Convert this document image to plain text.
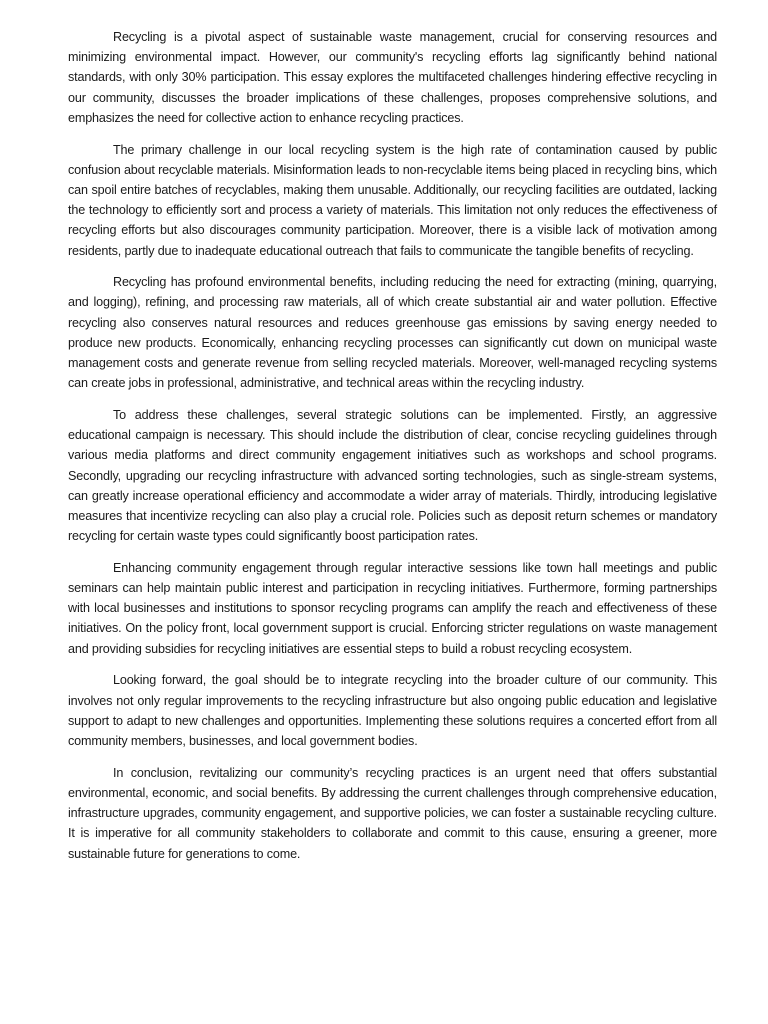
Recycling is a pivotal aspect of sustainable waste management, crucial for conserving resources and minimizing environmental impact. However, our community's recycling efforts lag significantly behind national standards, with only 30% participation. This essay explores the multifaceted challenges hindering effective recycling in our community, discusses the broader implications of these challenges, proposes comprehensive solutions, and emphasizes the need for collective action to enhance recycling practices.

The primary challenge in our local recycling system is the high rate of contamination caused by public confusion about recyclable materials. Misinformation leads to non-recyclable items being placed in recycling bins, which can spoil entire batches of recyclables, making them unusable. Additionally, our recycling facilities are outdated, lacking the technology to efficiently sort and process a variety of materials. This limitation not only reduces the effectiveness of recycling efforts but also discourages community participation. Moreover, there is a visible lack of motivation among residents, partly due to inadequate educational outreach that fails to communicate the tangible benefits of recycling.

Recycling has profound environmental benefits, including reducing the need for extracting (mining, quarrying, and logging), refining, and processing raw materials, all of which create substantial air and water pollution. Effective recycling also conserves natural resources and reduces greenhouse gas emissions by saving energy needed to produce new products. Economically, enhancing recycling processes can significantly cut down on municipal waste management costs and generate revenue from selling recycled materials. Moreover, well-managed recycling systems can create jobs in professional, administrative, and technical areas within the recycling industry.

To address these challenges, several strategic solutions can be implemented. Firstly, an aggressive educational campaign is necessary. This should include the distribution of clear, concise recycling guidelines through various media platforms and direct community engagement initiatives such as workshops and school programs. Secondly, upgrading our recycling infrastructure with advanced sorting technologies, such as single-stream systems, can greatly increase operational efficiency and accommodate a wider array of materials. Thirdly, introducing legislative measures that incentivize recycling can also play a crucial role. Policies such as deposit return schemes or mandatory recycling for certain waste types could significantly boost participation rates.

Enhancing community engagement through regular interactive sessions like town hall meetings and public seminars can help maintain public interest and participation in recycling initiatives. Furthermore, forming partnerships with local businesses and institutions to sponsor recycling programs can amplify the reach and effectiveness of these initiatives. On the policy front, local government support is crucial. Enforcing stricter regulations on waste management and providing subsidies for recycling initiatives are essential steps to build a robust recycling ecosystem.

Looking forward, the goal should be to integrate recycling into the broader culture of our community. This involves not only regular improvements to the recycling infrastructure but also ongoing public education and legislative support to adapt to new challenges and opportunities. Implementing these solutions requires a concerted effort from all community members, businesses, and local government bodies.

In conclusion, revitalizing our community’s recycling practices is an urgent need that offers substantial environmental, economic, and social benefits. By addressing the current challenges through comprehensive education, infrastructure upgrades, community engagement, and supportive policies, we can foster a sustainable recycling culture. It is imperative for all community stakeholders to collaborate and commit to this cause, ensuring a greener, more sustainable future for generations to come.
